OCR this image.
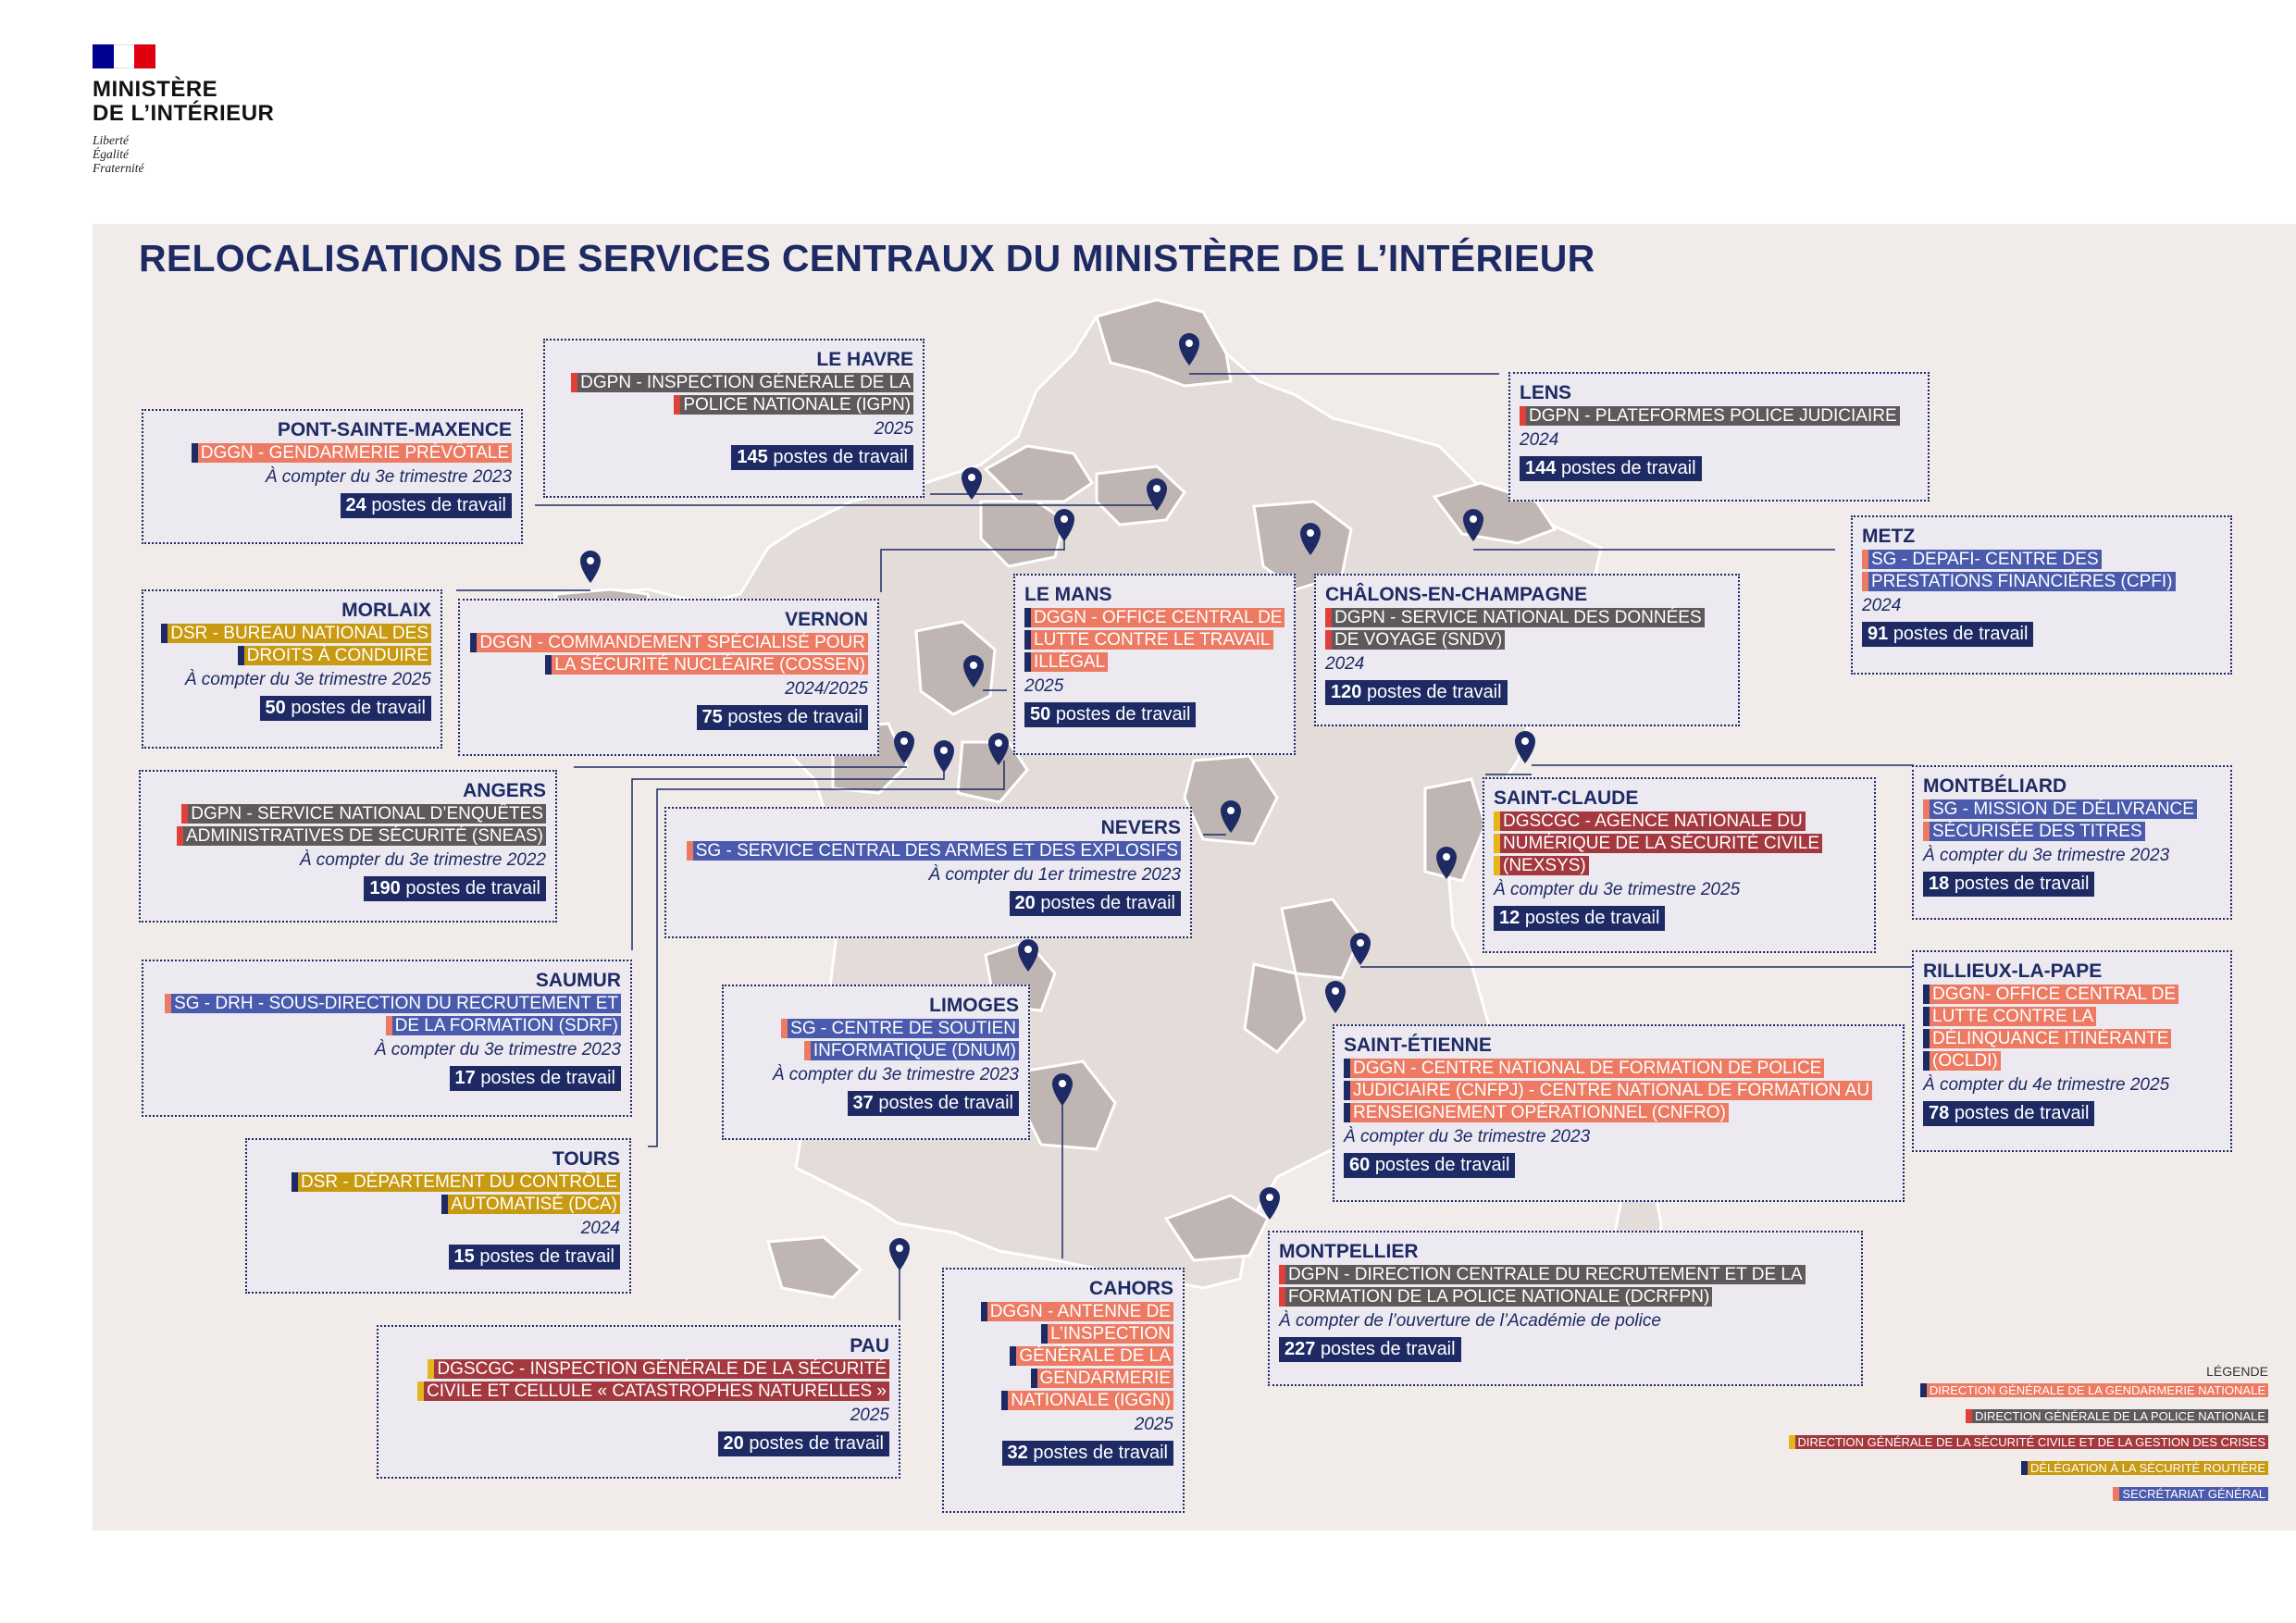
MINISTÈRE
DE L’INTÉRIEUR
Liberté
Égalité
Fraternité
RELOCALISATIONS DE SERVICES CENTRAUX DU MINISTÈRE DE L’INTÉRIEUR
PONT-SAINTE-MAXENCE
DGGN - GENDARMERIE PRÉVÔTALE
À compter du 3e trimestre 2023
24 postes de travail
LE HAVRE
DGPN - INSPECTION GÉNÉRALE DE LA POLICE NATIONALE (IGPN)
2025
145 postes de travail
LENS
DGPN - PLATEFORMES POLICE JUDICIAIRE
2024
144 postes de travail
METZ
SG - DEPAFI- CENTRE DES PRESTATIONS FINANCIÈRES (CPFI)
2024
91 postes de travail
MORLAIX
DSR - BUREAU NATIONAL DES DROITS À CONDUIRE
À compter du 3e trimestre 2025
50 postes de travail
VERNON
DGGN - COMMANDEMENT SPÉCIALISÉ POUR LA SÉCURITÉ NUCLÉAIRE (COSSEN)
2024/2025
75 postes de travail
LE MANS
DGGN - OFFICE CENTRAL DE LUTTE CONTRE LE TRAVAIL ILLÉGAL
2025
50 postes de travail
CHÂLONS-EN-CHAMPAGNE
DGPN - SERVICE NATIONAL DES DONNÉES DE VOYAGE (SNDV)
2024
120 postes de travail
ANGERS
DGPN - SERVICE NATIONAL D’ENQUÊTES ADMINISTRATIVES DE SÉCURITÉ (SNEAS)
À compter du 3e trimestre 2022
190 postes de travail
NEVERS
SG - SERVICE CENTRAL DES ARMES ET DES EXPLOSIFS
À compter du 1er trimestre 2023
20 postes de travail
SAINT-CLAUDE
DGSCGC - AGENCE NATIONALE DU NUMÉRIQUE DE LA SÉCURITÉ CIVILE (NEXSYS)
À compter du 3e trimestre 2025
12 postes de travail
MONTBÉLIARD
SG - MISSION DE DÉLIVRANCE SÉCURISÉE DES TITRES
À compter du 3e trimestre 2023
18 postes de travail
SAUMUR
SG - DRH - SOUS-DIRECTION DU RECRUTEMENT ET DE LA FORMATION (SDRF)
À compter du 3e trimestre 2023
17 postes de travail
LIMOGES
SG - CENTRE DE SOUTIEN INFORMATIQUE (DNUM)
À compter du 3e trimestre 2023
37 postes de travail
SAINT-ÉTIENNE
DGGN - CENTRE NATIONAL DE FORMATION DE POLICE JUDICIAIRE (CNFPJ) - CENTRE NATIONAL DE FORMATION AU RENSEIGNEMENT OPÉRATIONNEL (CNFRO)
À compter du 3e trimestre 2023
60 postes de travail
RILLIEUX-LA-PAPE
DGGN- OFFICE CENTRAL DE LUTTE CONTRE LA DÉLINQUANCE ITINÉRANTE (OCLDI)
À compter du 4e trimestre 2025
78 postes de travail
TOURS
DSR - DÉPARTEMENT DU CONTRÔLE AUTOMATISÉ (DCA)
2024
15 postes de travail	MONTPELLIER
DGPN - DIRECTION CENTRALE DU RECRUTEMENT ET DE LA FORMATION DE LA POLICE NATIONALE (DCRFPN)
À compter de l’ouverture de l’Académie de police
227 postes de travail
PAU
DGSCGC - INSPECTION GÉNÉRALE DE LA SÉCURITÉ CIVILE ET CELLULE « CATASTROPHES NATURELLES »
2025
20 postes de travail
CAHORS
DGGN - ANTENNE DE L’INSPECTION GÉNÉRALE DE LA GENDARMERIE NATIONALE (IGGN)
2025
32 postes de travail
LÉGENDE
DIRECTION GÉNÉRALE DE LA GENDARMERIE NATIONALE
DIRECTION GÉNÉRALE DE LA POLICE NATIONALE
DIRECTION GÉNÉRALE DE LA SÉCURITÉ CIVILE ET DE LA GESTION DES CRISES
DÉLÉGATION À LA SÉCURITÉ ROUTIÈRE
SECRÉTARIAT GÉNÉRAL
